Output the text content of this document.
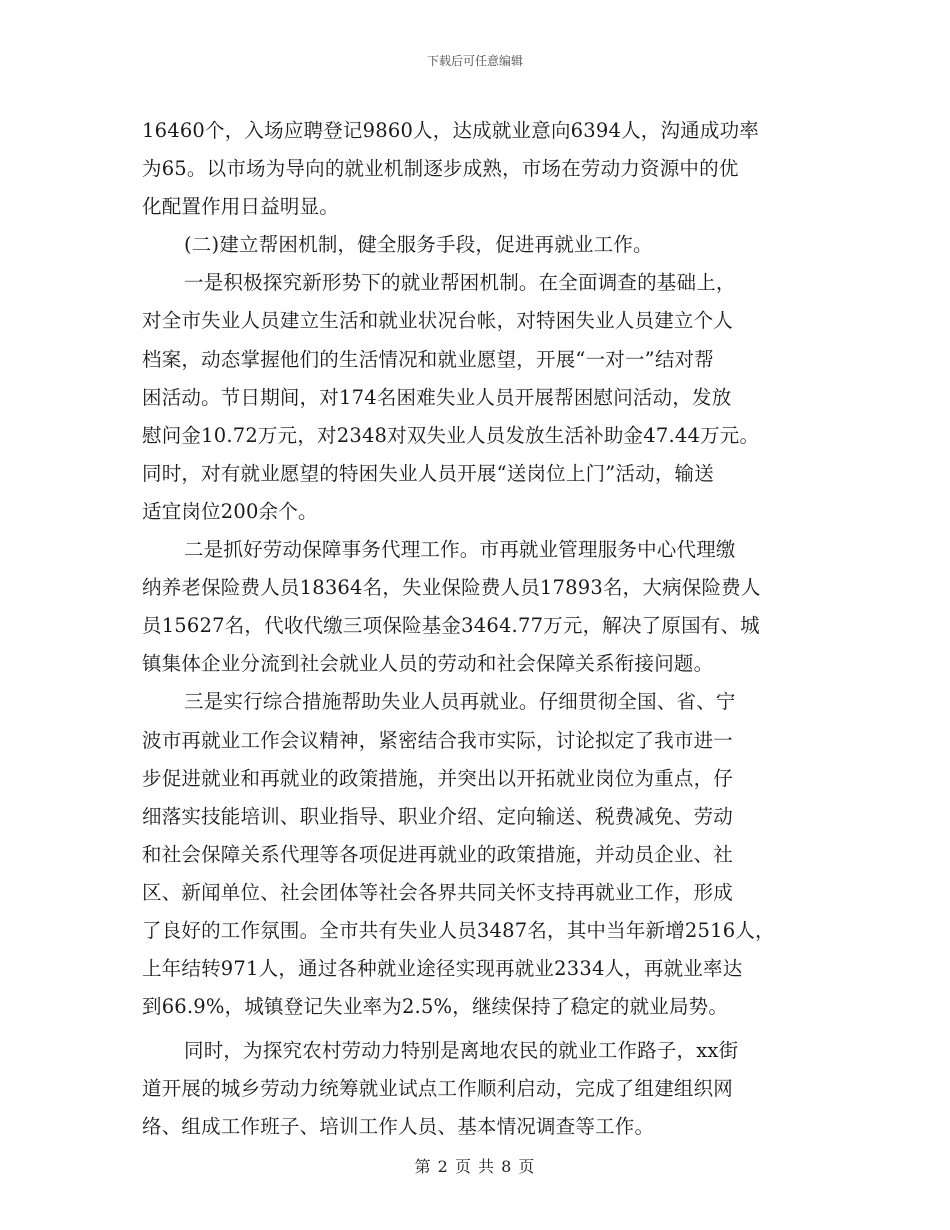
下载后可任意编辑
16460个，入场应聘登记9860人，达成就业意向6394人，沟通成功率
为65。以市场为导向的就业机制逐步成熟，市场在劳动力资源中的优
化配置作用日益明显。
(二)建立帮困机制，健全服务手段，促进再就业工作。
一是积极探究新形势下的就业帮困机制。在全面调查的基础上，
对全市失业人员建立生活和就业状况台帐，对特困失业人员建立个人
档案，动态掌握他们的生活情况和就业愿望，开展“一对一”结对帮
困活动。节日期间，对174名困难失业人员开展帮困慰问活动，发放
慰问金10.72万元，对2348对双失业人员发放生活补助金47.44万元。
同时，对有就业愿望的特困失业人员开展“送岗位上门”活动，输送
适宜岗位200余个。
二是抓好劳动保障事务代理工作。市再就业管理服务中心代理缴
纳养老保险费人员18364名，失业保险费人员17893名，大病保险费人
员15627名，代收代缴三项保险基金3464.77万元，解决了原国有、城
镇集体企业分流到社会就业人员的劳动和社会保障关系衔接问题。
三是实行综合措施帮助失业人员再就业。仔细贯彻全国、省、宁
波市再就业工作会议精神，紧密结合我市实际，讨论拟定了我市进一
步促进就业和再就业的政策措施，并突出以开拓就业岗位为重点，仔
细落实技能培训、职业指导、职业介绍、定向输送、税费减免、劳动
和社会保障关系代理等各项促进再就业的政策措施，并动员企业、社
区、新闻单位、社会团体等社会各界共同关怀支持再就业工作，形成
了良好的工作氛围。全市共有失业人员3487名，其中当年新增2516人，
上年结转971人，通过各种就业途径实现再就业2334人，再就业率达
到66.9%，城镇登记失业率为2.5%，继续保持了稳定的就业局势。
同时，为探究农村劳动力特别是离地农民的就业工作路子，xx街
道开展的城乡劳动力统筹就业试点工作顺利启动，完成了组建组织网
络、组成工作班子、培训工作人员、基本情况调查等工作。
第 2 页 共 8 页
